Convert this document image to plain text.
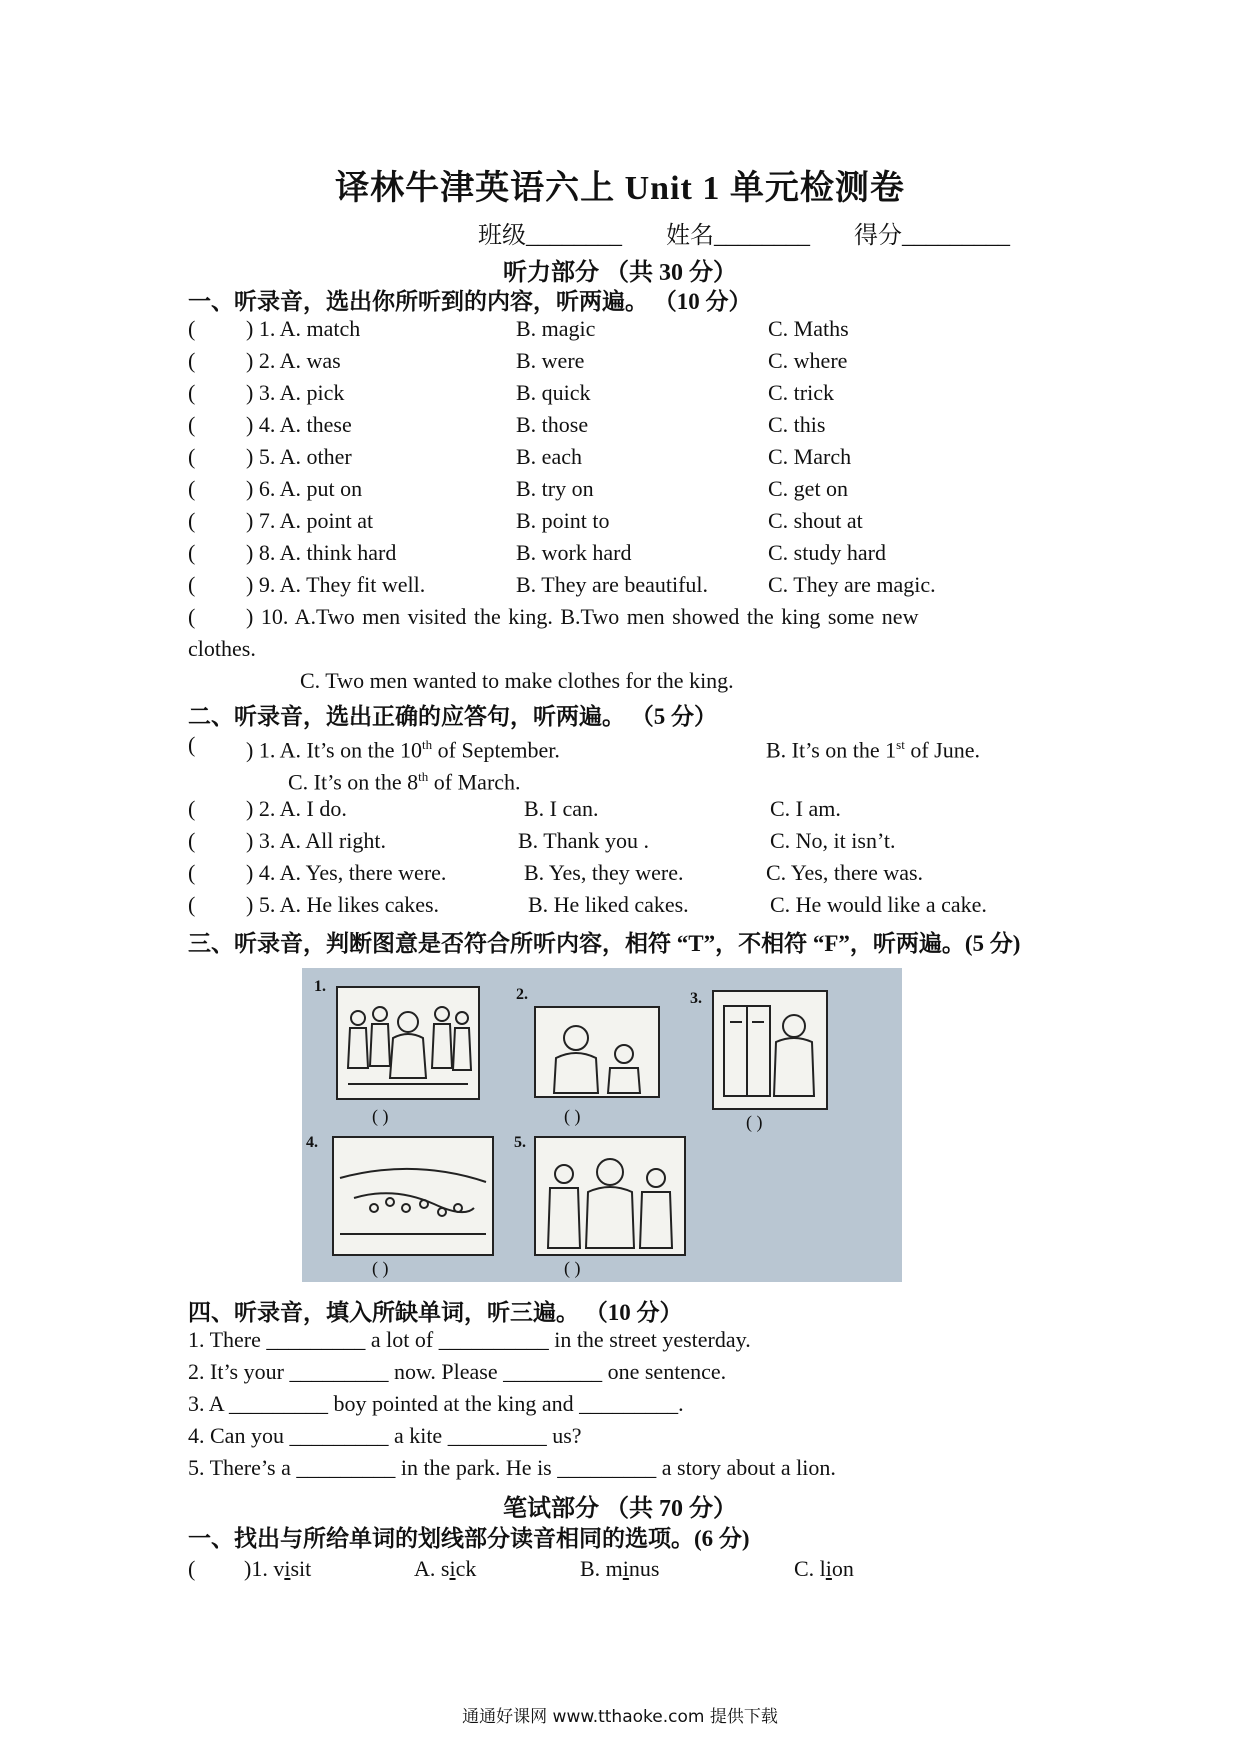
译林牛津英语六上 Unit 1 单元检测卷
班级________ 姓名________ 得分_________
听力部分 （共 30 分）
一、听录音，选出你所听到的内容，听两遍。 （10 分）
( ) 1. A. match	B. magic	C. Maths
( ) 2. A. was	B. were	C. where
( ) 3. A. pick	B. quick	C. trick
( ) 4. A. these	B. those	C. this
( ) 5. A. other	B. each	C. March
( ) 6. A. put on	B. try on	C. get on
( ) 7. A. point at	B. point to	C. shout at
( ) 8. A. think hard	B. work hard	C. study hard
( ) 9. A. They fit well.	B. They are beautiful.	C. They are magic.
( ) 10. A.Two men visited the king. B.Two men showed the king some new
clothes.
C. Two men wanted to make clothes for the king.
二、听录音，选出正确的应答句，听两遍。 （5 分）
( ) 1. A. It’s on the 10th of September.	B. It’s on the 1st of June.
C. It’s on the 8th of March.
( ) 2. A. I do.	B. I can.	C. I am.
( ) 3. A. All right.	B. Thank you .	C. No, it isn’t.
( ) 4. A. Yes, there were.	B. Yes, they were.	C. Yes, there was.
( ) 5. A. He likes cakes.	B. He liked cakes.	C. He would like a cake.
三、听录音，判断图意是否符合所听内容，相符 “T”，不相符 “F”，听两遍。(5 分)
1.
( )
2.
( )
3.
( )
4.
( )
5.
( )
四、听录音，填入所缺单词，听三遍。 （10 分）
1. There _________ a lot of __________ in the street yesterday.
2. It’s your _________ now. Please _________ one sentence.
3. A _________ boy pointed at the king and _________.
4. Can you _________ a kite _________ us?
5. There’s a _________ in the park. He is _________ a story about a lion.
笔试部分 （共 70 分）
一、找出与所给单词的划线部分读音相同的选项。(6 分)
( )1. visit	A. sick	B. minus	C. lion
通通好课网 www.tthaoke.com 提供下载
